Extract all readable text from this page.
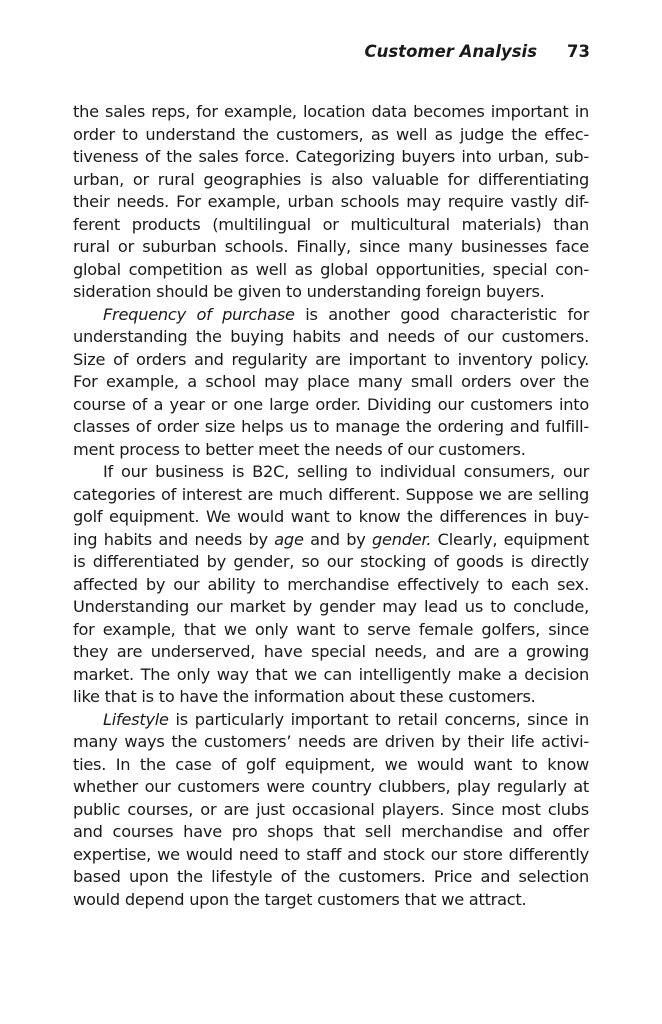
Customer Analysis 73
the sales reps, for example, location data becomes important in
order to understand the customers, as well as judge the effec-
tiveness of the sales force. Categorizing buyers into urban, sub-
urban, or rural geographies is also valuable for differentiating
their needs. For example, urban schools may require vastly dif-
ferent products (multilingual or multicultural materials) than
rural or suburban schools. Finally, since many businesses face
global competition as well as global opportunities, special con-
sideration should be given to understanding foreign buyers.
Frequency of purchase is another good characteristic for
understanding the buying habits and needs of our customers.
Size of orders and regularity are important to inventory policy.
For example, a school may place many small orders over the
course of a year or one large order. Dividing our customers into
classes of order size helps us to manage the ordering and fulfill-
ment process to better meet the needs of our customers.
If our business is B2C, selling to individual consumers, our
categories of interest are much different. Suppose we are selling
golf equipment. We would want to know the differences in buy-
ing habits and needs by age and by gender. Clearly, equipment
is differentiated by gender, so our stocking of goods is directly
affected by our ability to merchandise effectively to each sex.
Understanding our market by gender may lead us to conclude,
for example, that we only want to serve female golfers, since
they are underserved, have special needs, and are a growing
market. The only way that we can intelligently make a decision
like that is to have the information about these customers.
Lifestyle is particularly important to retail concerns, since in
many ways the customers’ needs are driven by their life activi-
ties. In the case of golf equipment, we would want to know
whether our customers were country clubbers, play regularly at
public courses, or are just occasional players. Since most clubs
and courses have pro shops that sell merchandise and offer
expertise, we would need to staff and stock our store differently
based upon the lifestyle of the customers. Price and selection
would depend upon the target customers that we attract.
